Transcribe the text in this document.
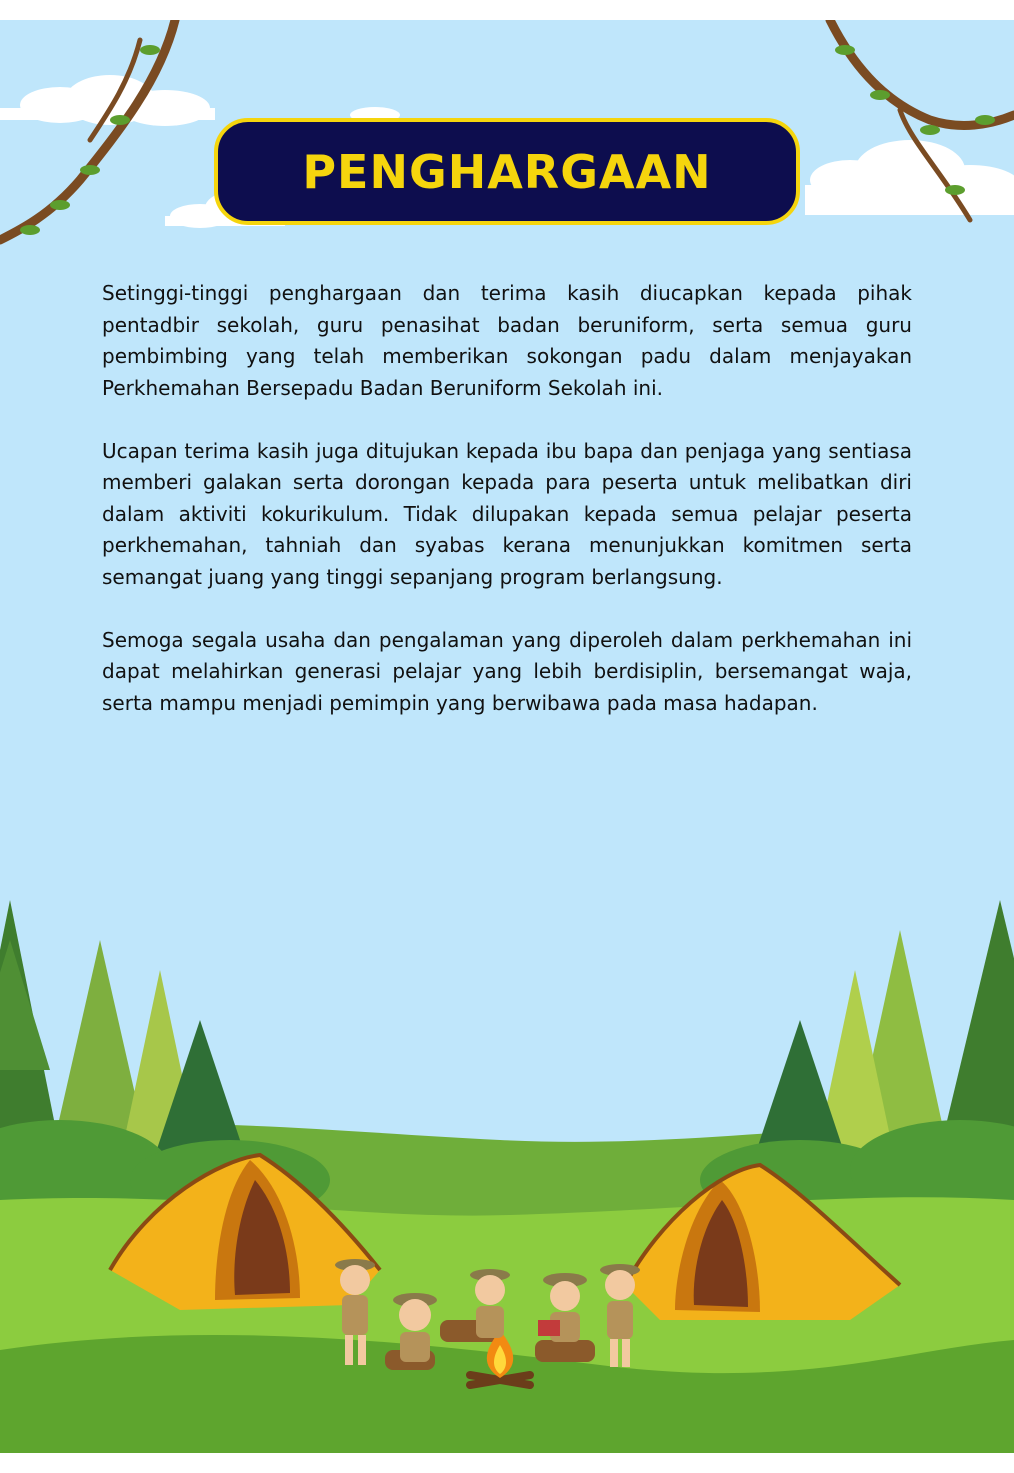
PENGHARGAAN

Setinggi-tinggi penghargaan dan terima kasih diucapkan kepada pihak pentadbir sekolah, guru penasihat badan beruniform, serta semua guru pembimbing yang telah memberikan sokongan padu dalam menjayakan Perkhemahan Bersepadu Badan Beruniform Sekolah ini.

Ucapan terima kasih juga ditujukan kepada ibu bapa dan penjaga yang sentiasa memberi galakan serta dorongan kepada para peserta untuk melibatkan diri dalam aktiviti kokurikulum. Tidak dilupakan kepada semua pelajar peserta perkhemahan, tahniah dan syabas kerana menunjukkan komitmen serta semangat juang yang tinggi sepanjang program berlangsung.

Semoga segala usaha dan pengalaman yang diperoleh dalam perkhemahan ini dapat melahirkan generasi pelajar yang lebih berdisiplin, bersemangat waja, serta mampu menjadi pemimpin yang berwibawa pada masa hadapan.
